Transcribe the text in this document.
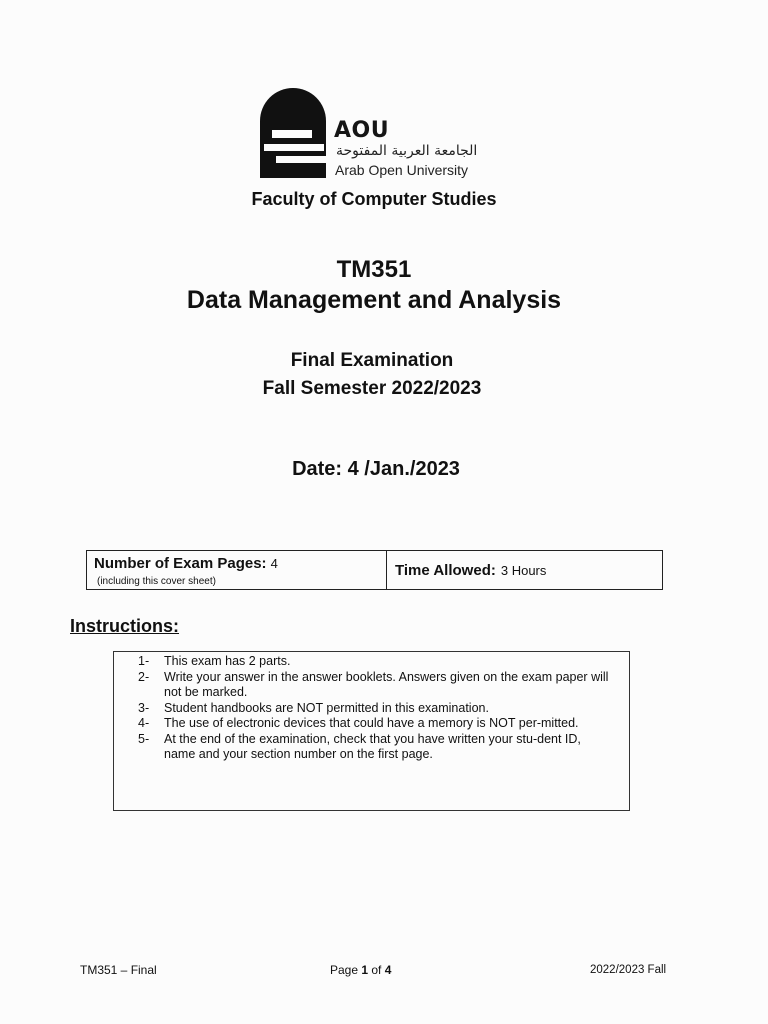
AOU
الجامعة العربية المفتوحة
Arab Open University
Faculty of Computer Studies
TM351
Data Management and Analysis
Final Examination
Fall Semester 2022/2023
Date: 4 /Jan./2023
Number of Exam Pages: 4
(including this cover sheet)
Time Allowed: 3 Hours
Instructions:
1-	This exam has 2 parts.
2-	Write your answer in the answer booklets. Answers given on the exam paper will not be marked.
3-	Student handbooks are NOT permitted in this examination.
4-	The use of electronic devices that could have a memory is NOT per-mitted.
5-	At the end of the examination, check that you have written your stu-dent ID, name and your section number on the first page.
TM351 – Final	Page 1 of 4	2022/2023 Fall
